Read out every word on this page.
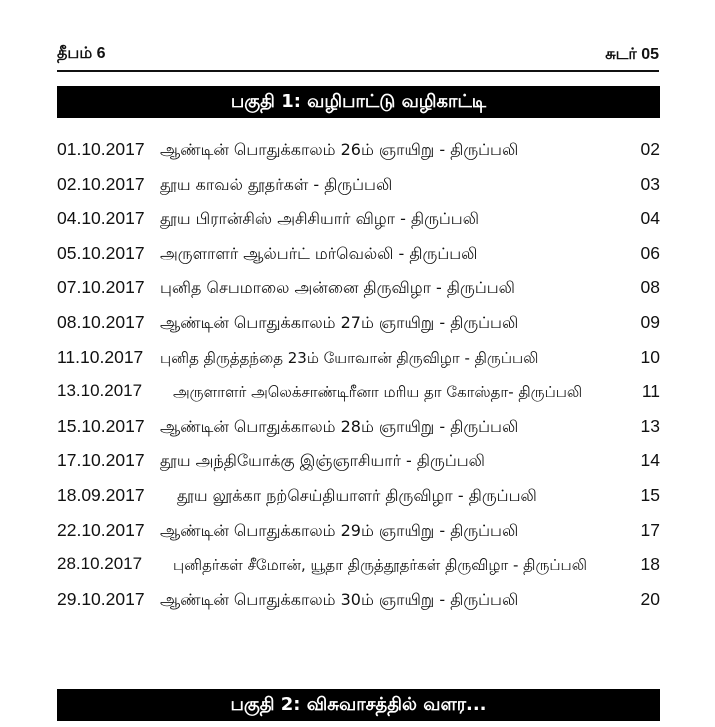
தீபம் 6	சுடர் 05
பகுதி 1: வழிபாட்டு வழிகாட்டி
01.10.2017 ஆண்டின் பொதுக்காலம் 26ம் ஞாயிறு - திருப்பலி	02
02.10.2017 தூய காவல் தூதர்கள் - திருப்பலி	03
04.10.2017 தூய பிரான்சிஸ் அசிசியார் விழா - திருப்பலி	04
05.10.2017 அருளாளர் ஆல்பர்ட் மர்வெல்லி - திருப்பலி	06
07.10.2017 புனித செபமாலை அன்னை திருவிழா - திருப்பலி	08
08.10.2017 ஆண்டின் பொதுக்காலம் 27ம் ஞாயிறு - திருப்பலி	09
11.10.2017 புனித திருத்தந்தை 23ம் யோவான் திருவிழா - திருப்பலி	10
13.10.2017 அருளாளர் அலெக்சாண்டிரீனா மரிய தா கோஸ்தா- திருப்பலி	11
15.10.2017 ஆண்டின் பொதுக்காலம் 28ம் ஞாயிறு - திருப்பலி	13
17.10.2017 தூய அந்தியோக்கு இஞ்ஞாசியார் - திருப்பலி	14
18.09.2017 தூய லூக்கா நற்செய்தியாளர் திருவிழா - திருப்பலி	15
22.10.2017 ஆண்டின் பொதுக்காலம் 29ம் ஞாயிறு - திருப்பலி	17
28.10.2017 புனிதர்கள் சீமோன், யூதா திருத்தூதர்கள் திருவிழா - திருப்பலி	18
29.10.2017 ஆண்டின் பொதுக்காலம் 30ம் ஞாயிறு - திருப்பலி	20
பகுதி 2: விசுவாசத்தில் வளர...
